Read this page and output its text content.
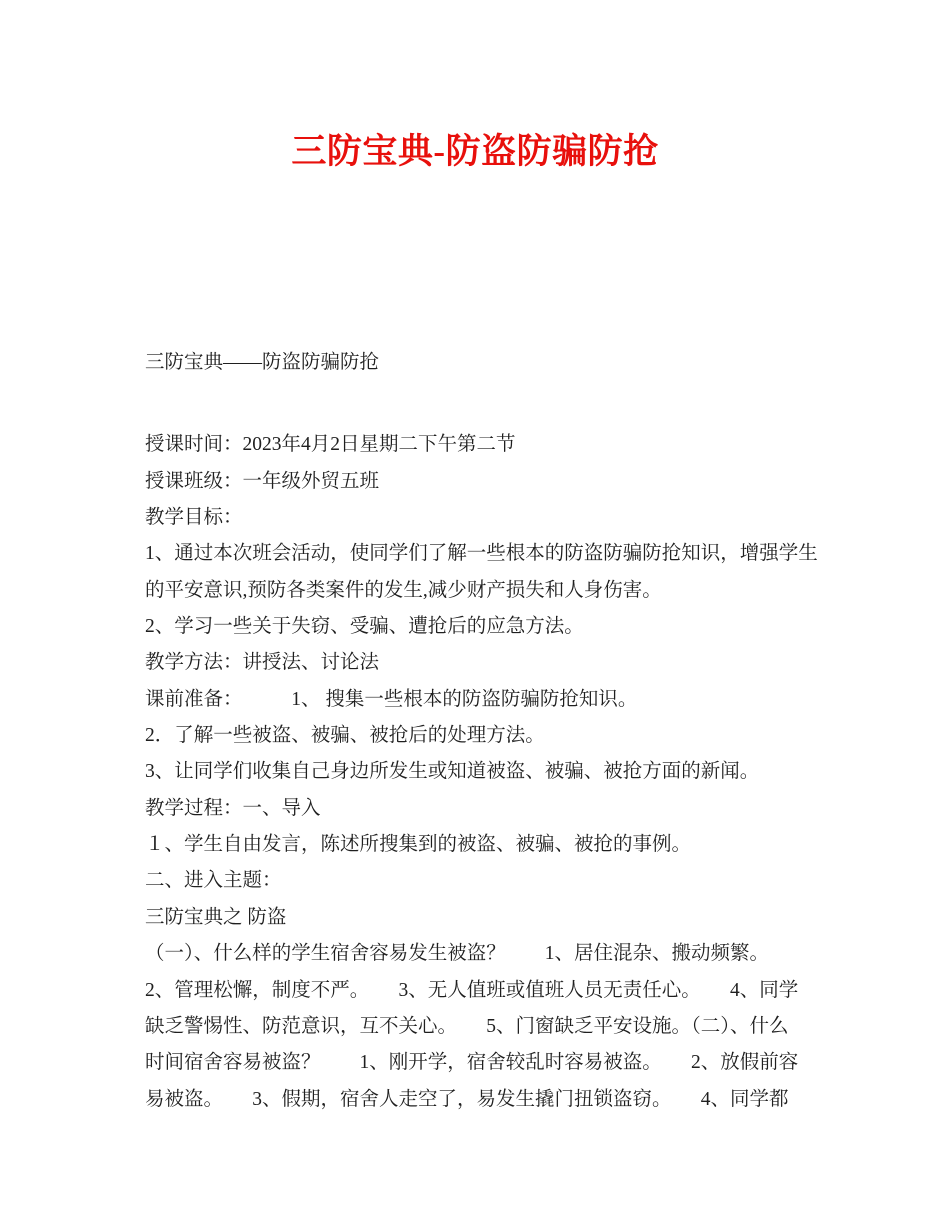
三防宝典-防盗防骗防抢
三防宝典——防盗防骗防抢
授课时间：2023年4月2日星期二下午第二节
授课班级：一年级外贸五班
教学目标：
1、通过本次班会活动，使同学们了解一些根本的防盗防骗防抢知识，增强学生
的平安意识,预防各类案件的发生,减少财产损失和人身伤害。
2、学习一些关于失窃、受骗、遭抢后的应急方法。
教学方法：讲授法、讨论法
课前准备：　　　1、 搜集一些根本的防盗防骗防抢知识。
2．了解一些被盗、被骗、被抢后的处理方法。
3、让同学们收集自己身边所发生或知道被盗、被骗、被抢方面的新闻。
教学过程：一、导入
１、学生自由发言，陈述所搜集到的被盗、被骗、被抢的事例。
二、进入主题：
三防宝典之 防盗
（一）、什么样的学生宿舍容易发生被盗？　　1、居住混杂、搬动频繁。
2、管理松懈，制度不严。　　3、无人值班或值班人员无责任心。　　4、同学
缺乏警惕性、防范意识，互不关心。　　5、门窗缺乏平安设施。（二）、什么
时间宿舍容易被盗？　　1、刚开学，宿舍较乱时容易被盗。　　2、放假前容
易被盗。　　3、假期，宿舍人走空了，易发生撬门扭锁盗窃。　　4、同学都
